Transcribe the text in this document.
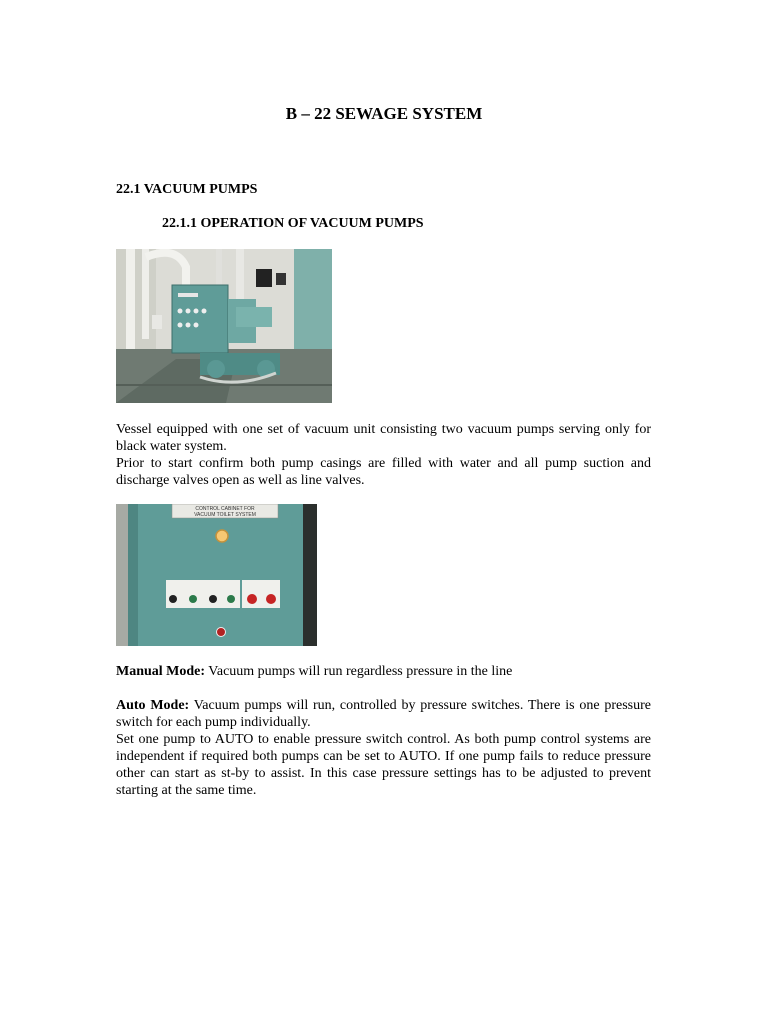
B – 22 SEWAGE SYSTEM
22.1 VACUUM PUMPS
22.1.1 OPERATION OF VACUUM PUMPS
Vessel equipped with one set of vacuum unit consisting two vacuum pumps serving only for black water system.
Prior to start confirm both pump casings are filled with water and all pump suction and discharge valves open as well as line valves.
CONTROL CABINET FOR
VACUUM TOILET SYSTEM
Manual Mode: Vacuum pumps will run regardless pressure in the line
Auto Mode: Vacuum pumps will run, controlled by pressure switches. There is one pressure switch for each pump individually.
Set one pump to AUTO to enable pressure switch control. As both pump control systems are independent if required both pumps can be set to AUTO. If one pump fails to reduce pressure other can start as st-by to assist. In this case pressure settings has to be adjusted to prevent starting at the same time.
